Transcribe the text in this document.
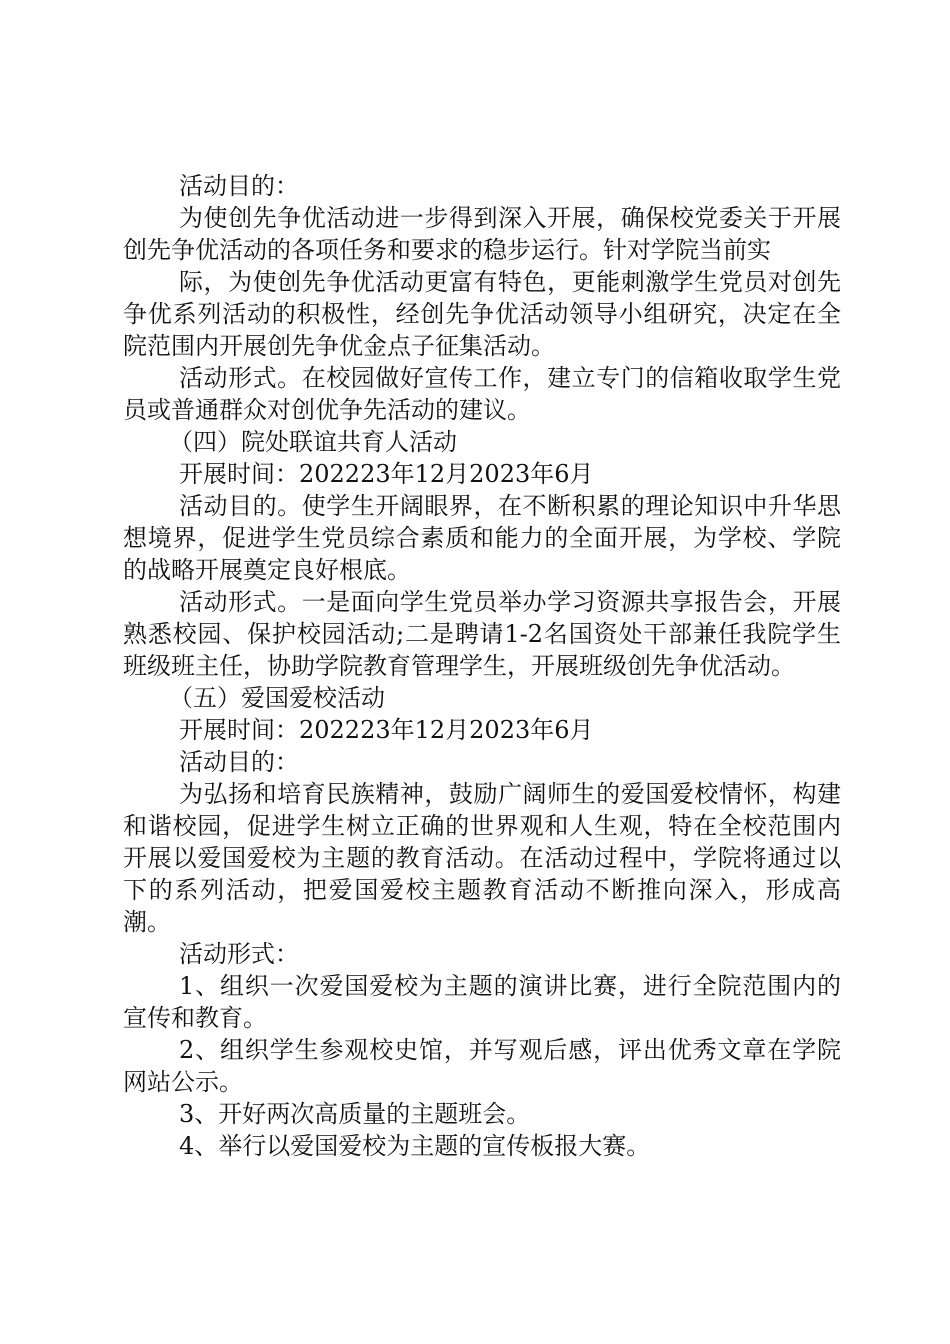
活动目的：

为使创先争优活动进一步得到深入开展，确保校党委关于开展创先争优活动的各项任务和要求的稳步运行。针对学院当前实

际，为使创先争优活动更富有特色，更能刺激学生党员对创先争优系列活动的积极性，经创先争优活动领导小组研究，决定在全院范围内开展创先争优金点子征集活动。

活动形式。在校园做好宣传工作，建立专门的信箱收取学生党员或普通群众对创优争先活动的建议。

（四）院处联谊共育人活动

开展时间：202223年12月2023年6月

活动目的。使学生开阔眼界，在不断积累的理论知识中升华思想境界，促进学生党员综合素质和能力的全面开展，为学校、学院的战略开展奠定良好根底。

活动形式。一是面向学生党员举办学习资源共享报告会，开展熟悉校园、保护校园活动;二是聘请1-2名国资处干部兼任我院学生班级班主任，协助学院教育管理学生，开展班级创先争优活动。

（五）爱国爱校活动

开展时间：202223年12月2023年6月

活动目的：

为弘扬和培育民族精神，鼓励广阔师生的爱国爱校情怀，构建和谐校园，促进学生树立正确的世界观和人生观，特在全校范围内开展以爱国爱校为主题的教育活动。在活动过程中，学院将通过以下的系列活动，把爱国爱校主题教育活动不断推向深入，形成高潮。

活动形式：

1、组织一次爱国爱校为主题的演讲比赛，进行全院范围内的宣传和教育。

2、组织学生参观校史馆，并写观后感，评出优秀文章在学院网站公示。

3、开好两次高质量的主题班会。

4、举行以爱国爱校为主题的宣传板报大赛。
